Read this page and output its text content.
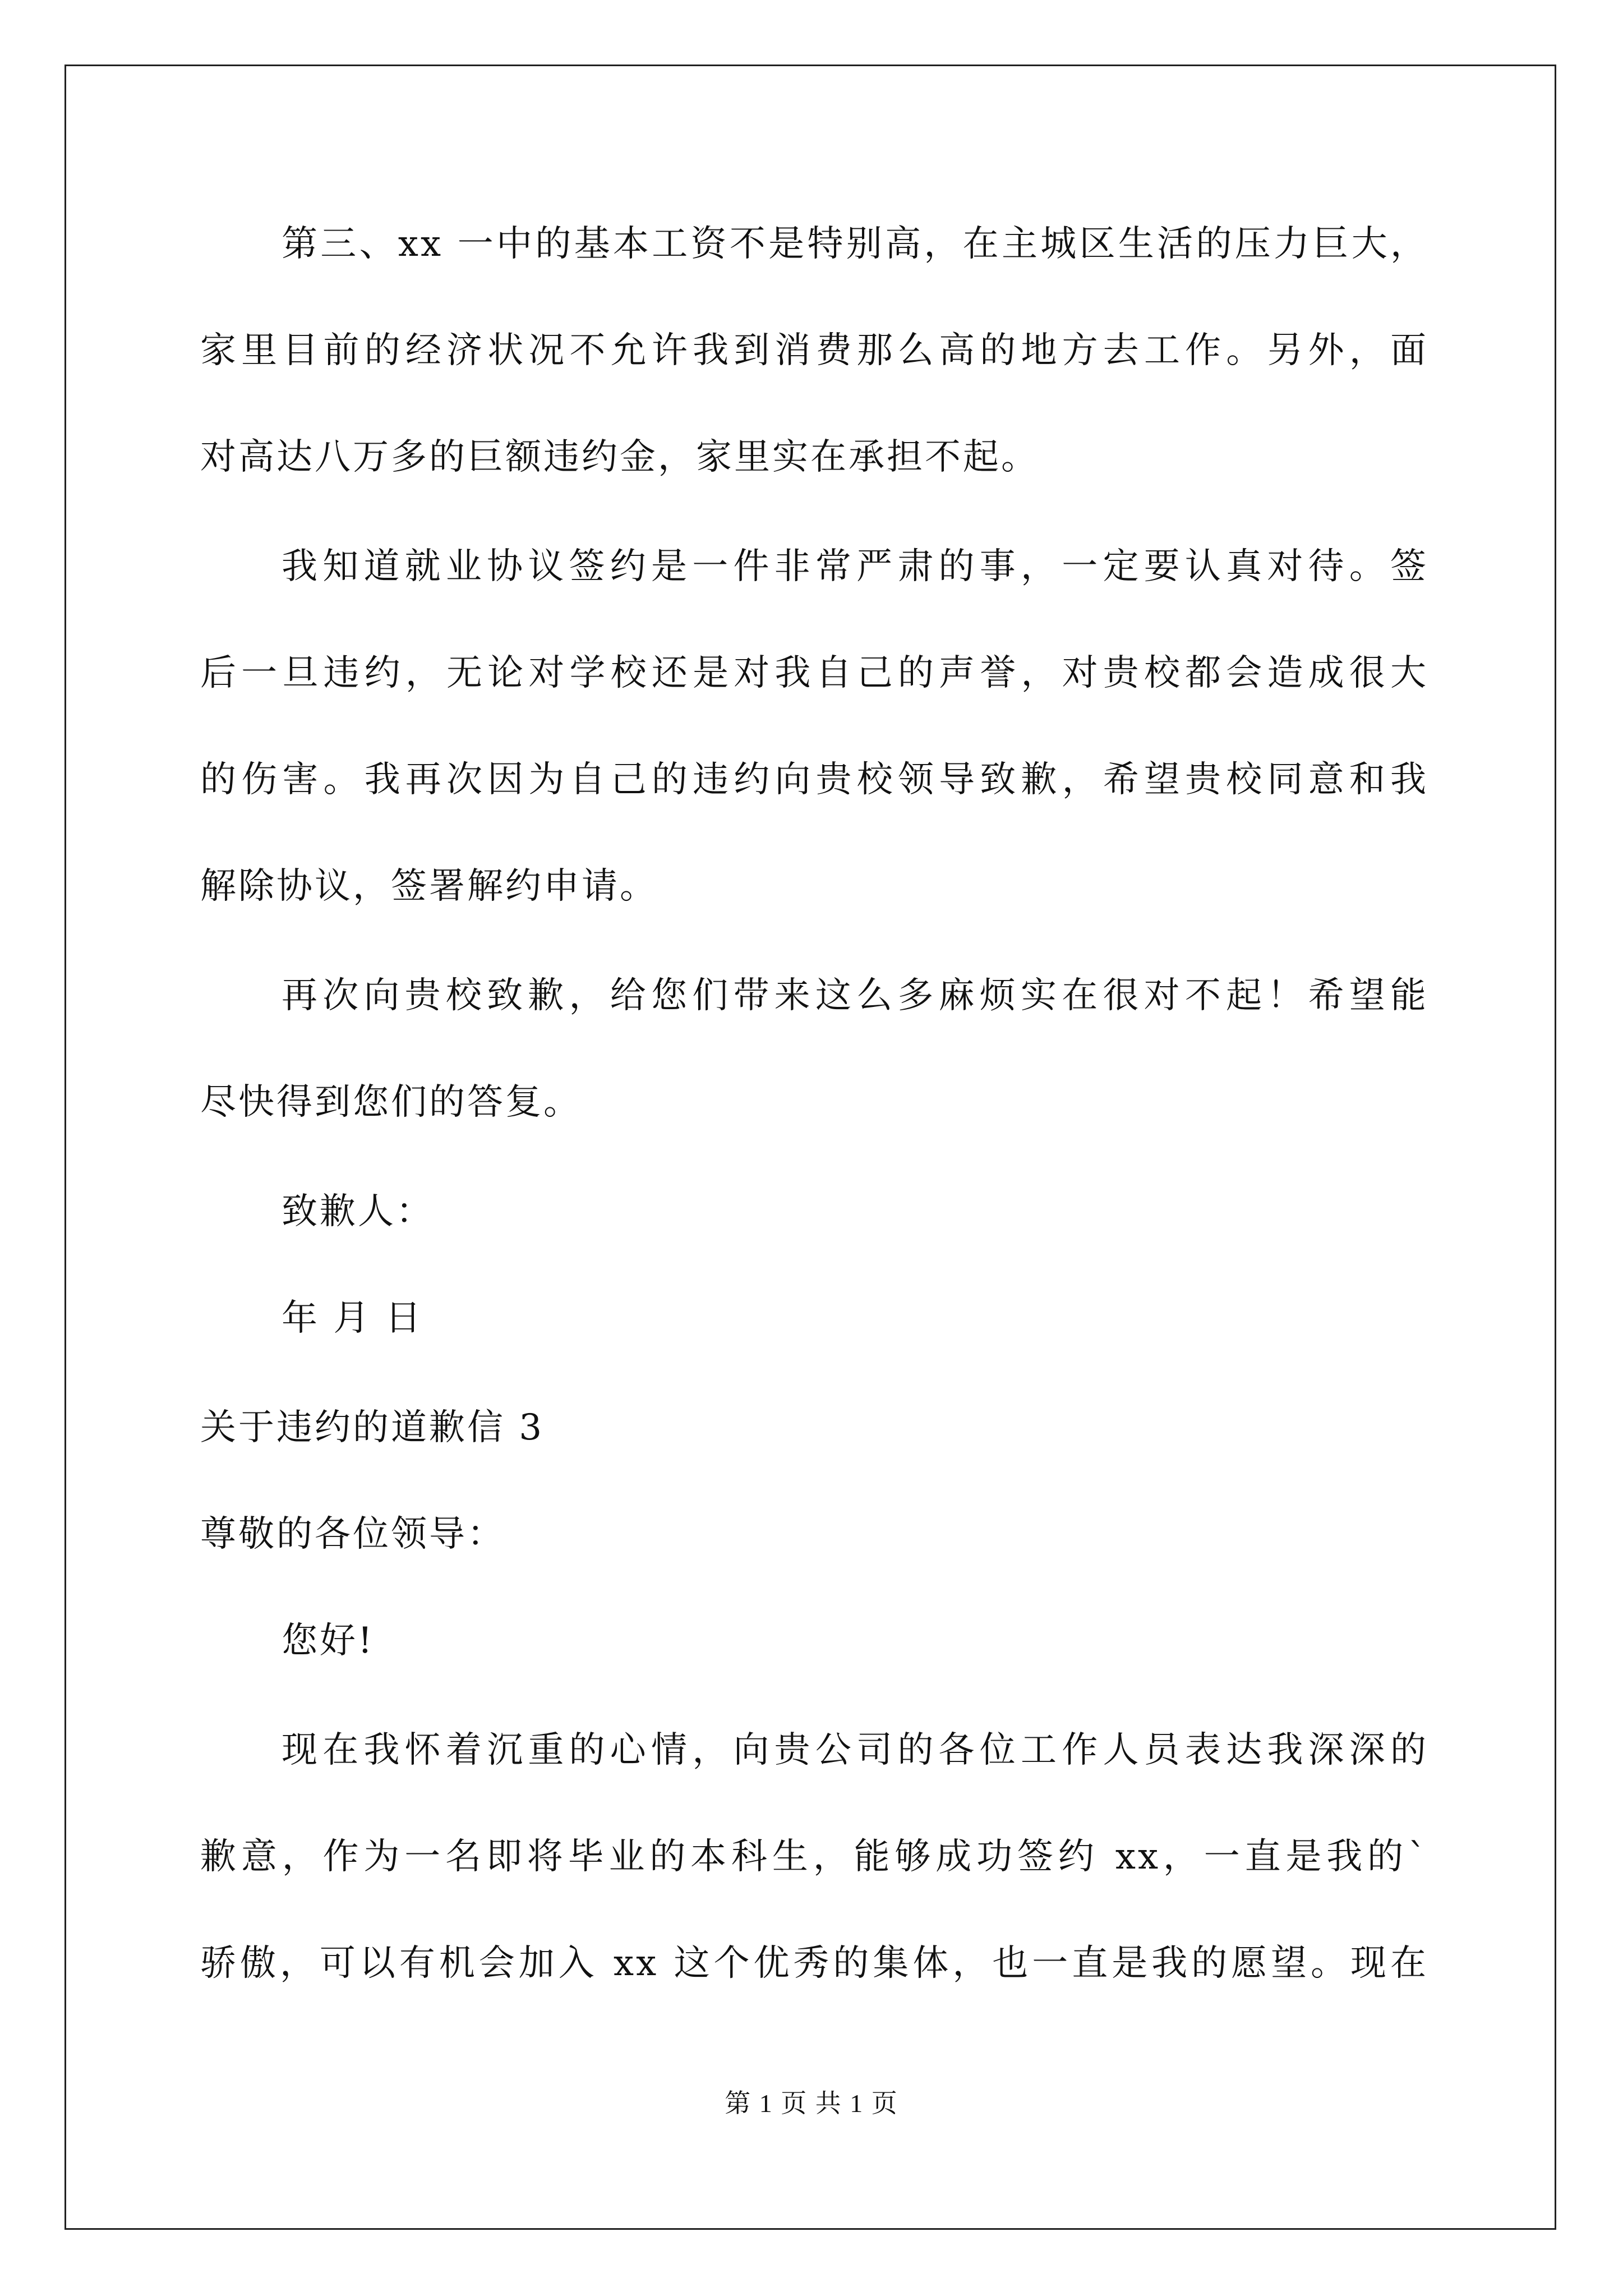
第三、xx 一中的基本工资不是特别高，在主城区生活的压力巨大，
家里目前的经济状况不允许我到消费那么高的地方去工作。另外，面
对高达八万多的巨额违约金，家里实在承担不起。
我知道就业协议签约是一件非常严肃的事，一定要认真对待。签
后一旦违约，无论对学校还是对我自己的声誉，对贵校都会造成很大
的伤害。我再次因为自己的违约向贵校领导致歉，希望贵校同意和我
解除协议，签署解约申请。
再次向贵校致歉，给您们带来这么多麻烦实在很对不起！希望能
尽快得到您们的答复。
致歉人：
年 月 日
关于违约的道歉信 3
尊敬的各位领导：
您好!
现在我怀着沉重的心情，向贵公司的各位工作人员表达我深深的
歉意，作为一名即将毕业的本科生，能够成功签约 xx，一直是我的`
骄傲，可以有机会加入 xx 这个优秀的集体，也一直是我的愿望。现在
第 1 页 共 1 页
